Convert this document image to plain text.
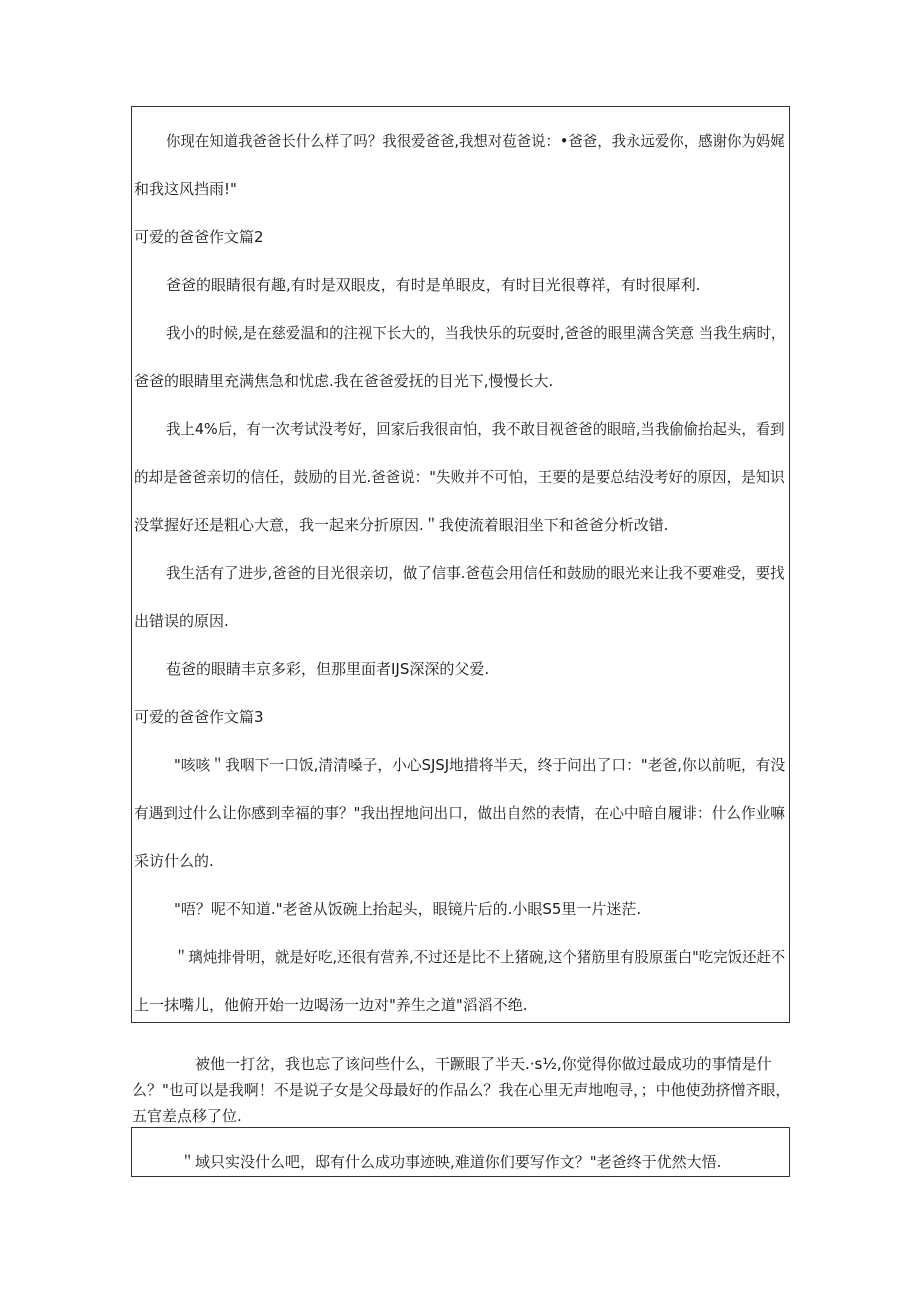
你现在知道我爸爸长什么样了吗？我很爱爸爸,我想对苞爸说：•爸爸，我永远爱你，感谢你为妈娓
和我这风挡雨!"
可爱的爸爸作文篇2
爸爸的眼睛很有趣,有时是双眼皮，有时是单眼皮，有时目光很尊祥，有时很犀利.
我小的时候,是在慈爱温和的注视下长大的，当我快乐的玩耍时,爸爸的眼里满含笑意 当我生病时，
爸爸的眼睛里充满焦急和忧虑.我在爸爸爱抚的目光下,慢慢长大.
我上4%后，有一次考试没考好，回家后我很亩怕，我不敢目视爸爸的眼暗,当我偷偷抬起头，看到
的却是爸爸亲切的信任，鼓励的目光.爸爸说："失败并不可怕，王要的是要总结没考好的原因，是知识
没掌握好还是粗心大意，我一起来分折原因.＂我使流着眼泪坐下和爸爸分析改错.
我生活有了进步,爸爸的目光很亲切，做了信事.爸苞会用信任和鼓励的眼光来让我不要难受，要找
出错误的原因.
苞爸的眼睛丰京多彩，但那里面者IJS深深的父爱.
可爱的爸爸作文篇3
"咳咳＂我咽下一口饭,清清嗓子，小心SJSJ地措将半天，终于问出了口："老爸,你以前呃，有没
有遇到过什么让你感到幸福的事？"我出捏地问出口，做出自然的表情，在心中暗自履诽：什么作业嘛
采访什么的.
"唔？呢不知道."老爸从饭碗上抬起头，眼镜片后的.小眼S5里一片迷茫.
＂璃炖排骨明，就是好吃,还很有营养,不过还是比不上猪碗,这个猪筋里有股原蛋白"吃完饭还赶不
上一抹嘴儿，他俯开始一边喝汤一边对"养生之道"滔滔不绝.
被他一打岔，我也忘了该问些什么，干蹶眼了半天.·s½,你觉得你做过最成功的事情是什
么？"也可以是我啊！不是说子女是父母最好的作品么？我在心里无声地咆寻，；中他使劲挤憎齐眼，
五官差点移了位.
＂域只实没什么吧，邸有什么成功事迹映,难道你们要写作文？"老爸终于优然大悟.
